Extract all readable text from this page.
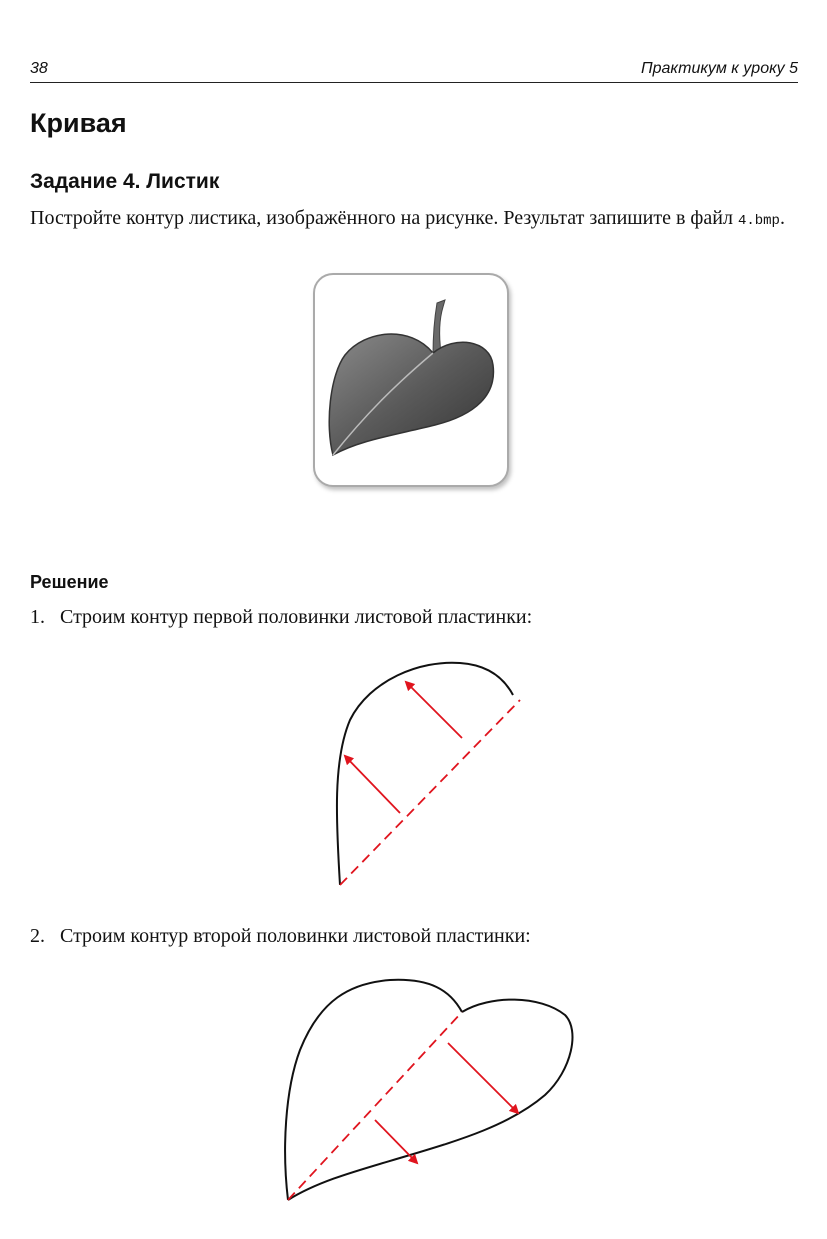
38	Практикум к уроку 5
Кривая
Задание 4. Листик

Постройте контур листика, изображённого на рисунке. Результат запишите в файл 4.bmp.

Решение

1. Строим контур первой половинки листовой пластинки:

2. Строим контур второй половинки листовой пластинки:
